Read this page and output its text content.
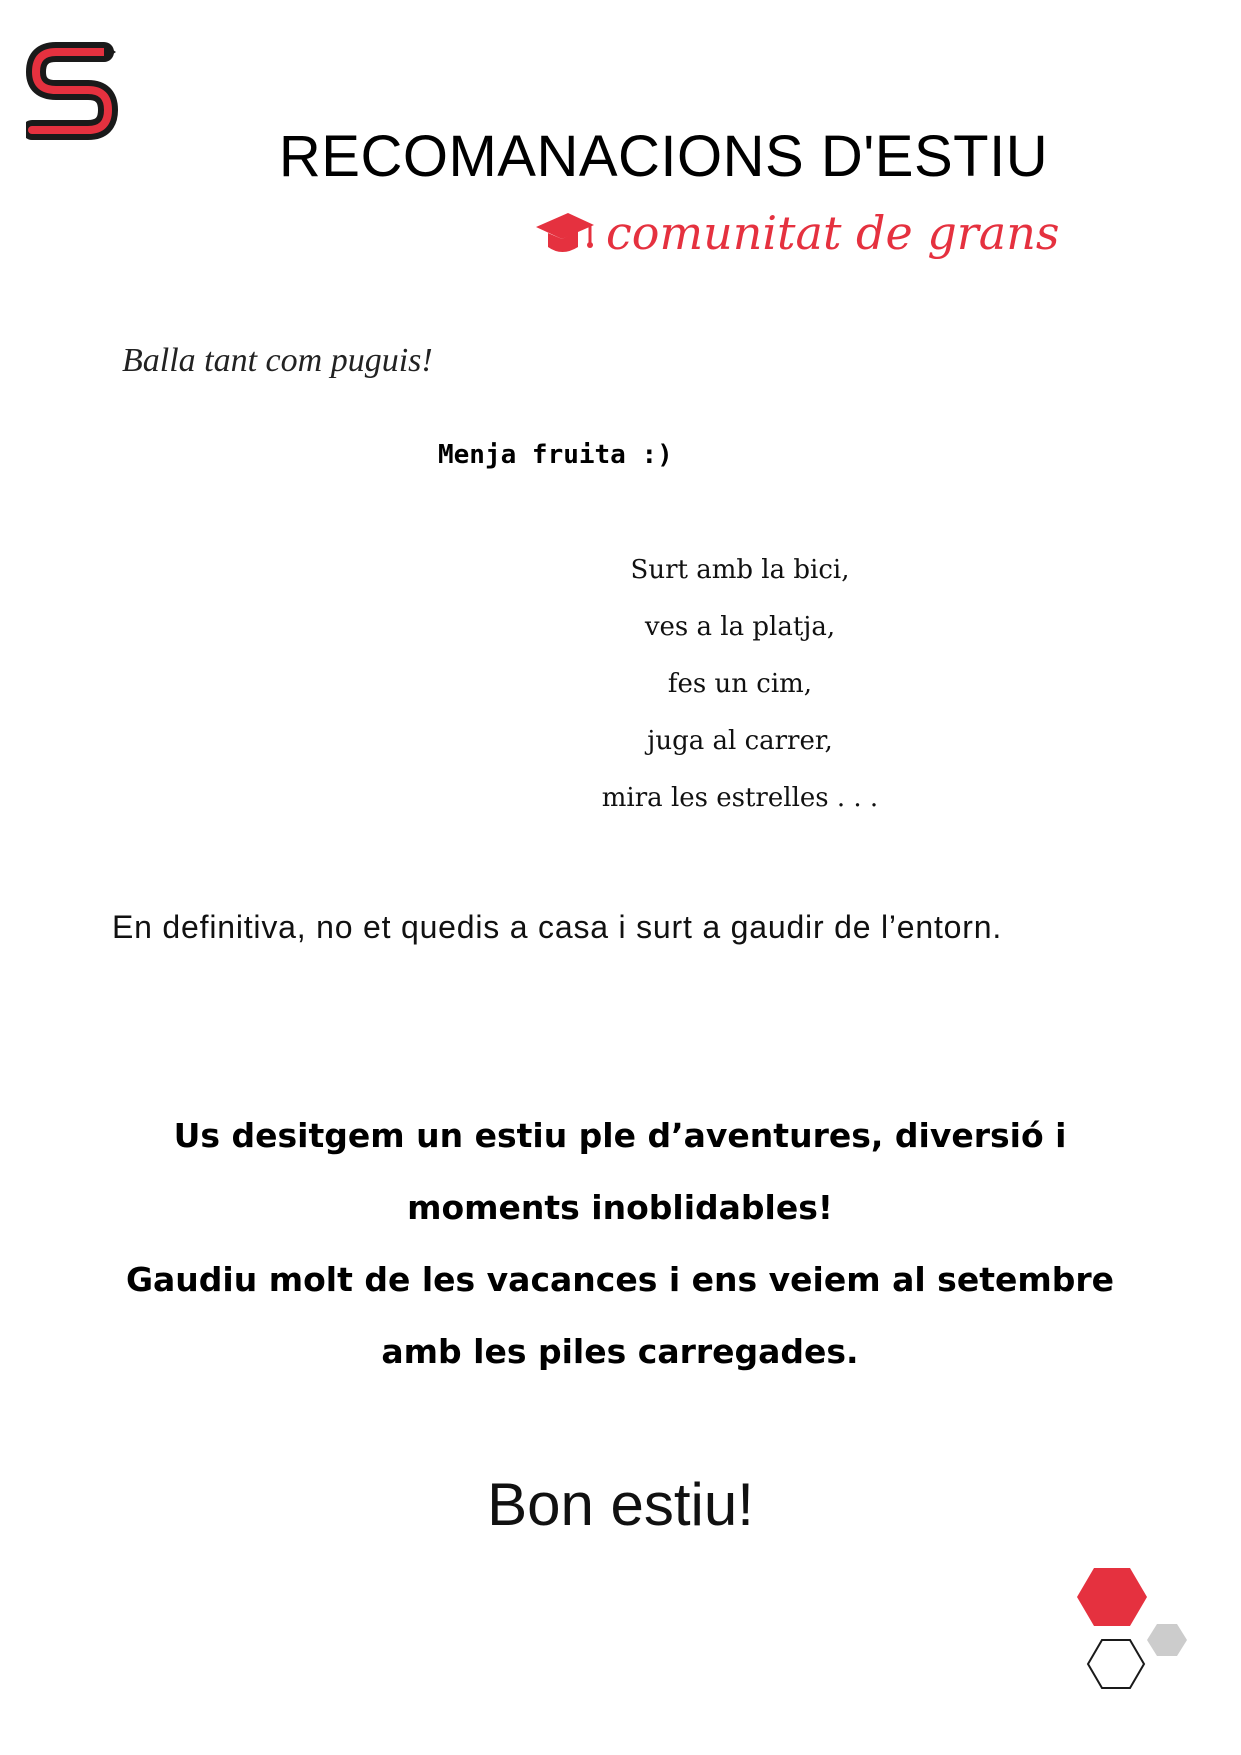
RECOMANACIONS D'ESTIU
comunitat de grans
Balla tant com puguis!
Menja fruita :)
Surt amb la bici,
ves a la platja,
fes un cim,
juga al carrer,
mira les estrelles . . .
En definitiva, no et quedis a casa i surt a gaudir de l’entorn.
Us desitgem un estiu ple d’aventures, diversió i
moments inoblidables!
Gaudiu molt de les vacances i ens veiem al setembre
amb les piles carregades.
Bon estiu!
